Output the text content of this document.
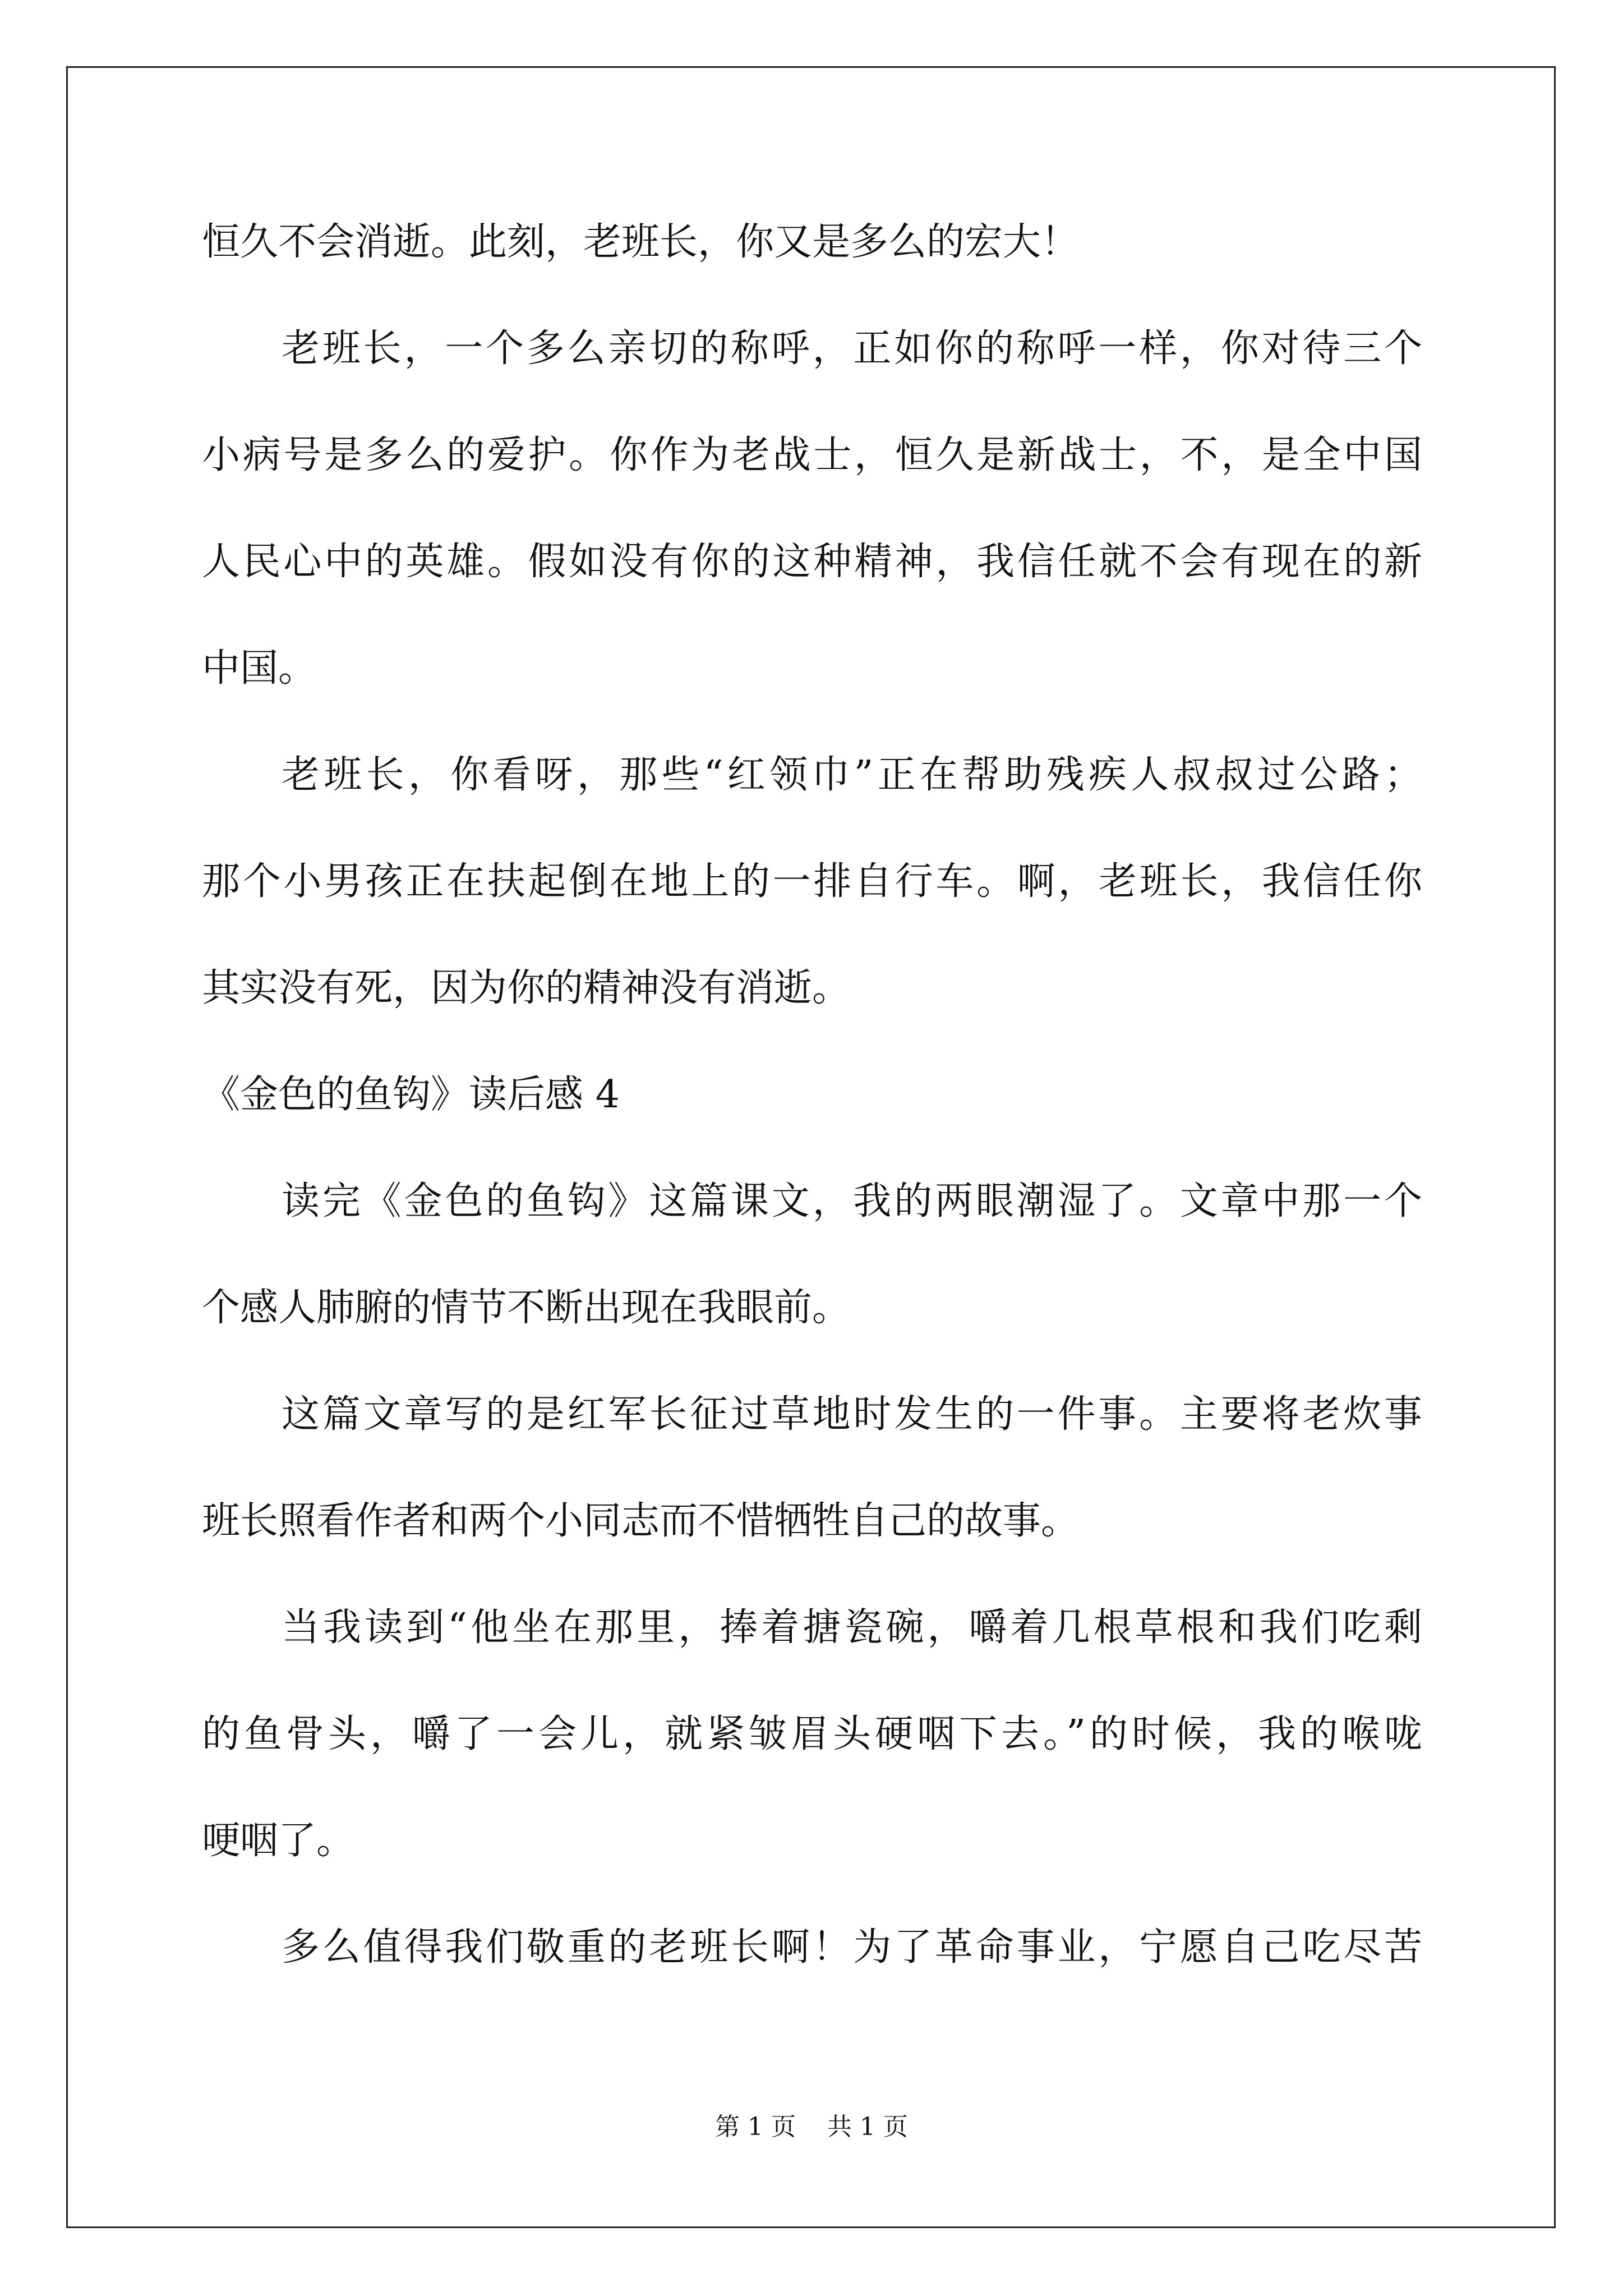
恒久不会消逝。此刻，老班长，你又是多么的宏大！
老班长，一个多么亲切的称呼，正如你的称呼一样，你对待三个
小病号是多么的爱护。你作为老战士，恒久是新战士，不，是全中国
人民心中的英雄。假如没有你的这种精神，我信任就不会有现在的新
中国。
老班长，你看呀，那些“红领巾”正在帮助残疾人叔叔过公路；
那个小男孩正在扶起倒在地上的一排自行车。啊，老班长，我信任你
其实没有死，因为你的精神没有消逝。
《金色的鱼钩》读后感 4
读完《金色的鱼钩》这篇课文，我的两眼潮湿了。文章中那一个
个感人肺腑的情节不断出现在我眼前。
这篇文章写的是红军长征过草地时发生的一件事。主要将老炊事
班长照看作者和两个小同志而不惜牺牲自己的故事。
当我读到“他坐在那里，捧着搪瓷碗，嚼着几根草根和我们吃剩
的鱼骨头，嚼了一会儿，就紧皱眉头硬咽下去。”的时候，我的喉咙
哽咽了。
多么值得我们敬重的老班长啊！为了革命事业，宁愿自己吃尽苦
第 1 页 共 1 页
